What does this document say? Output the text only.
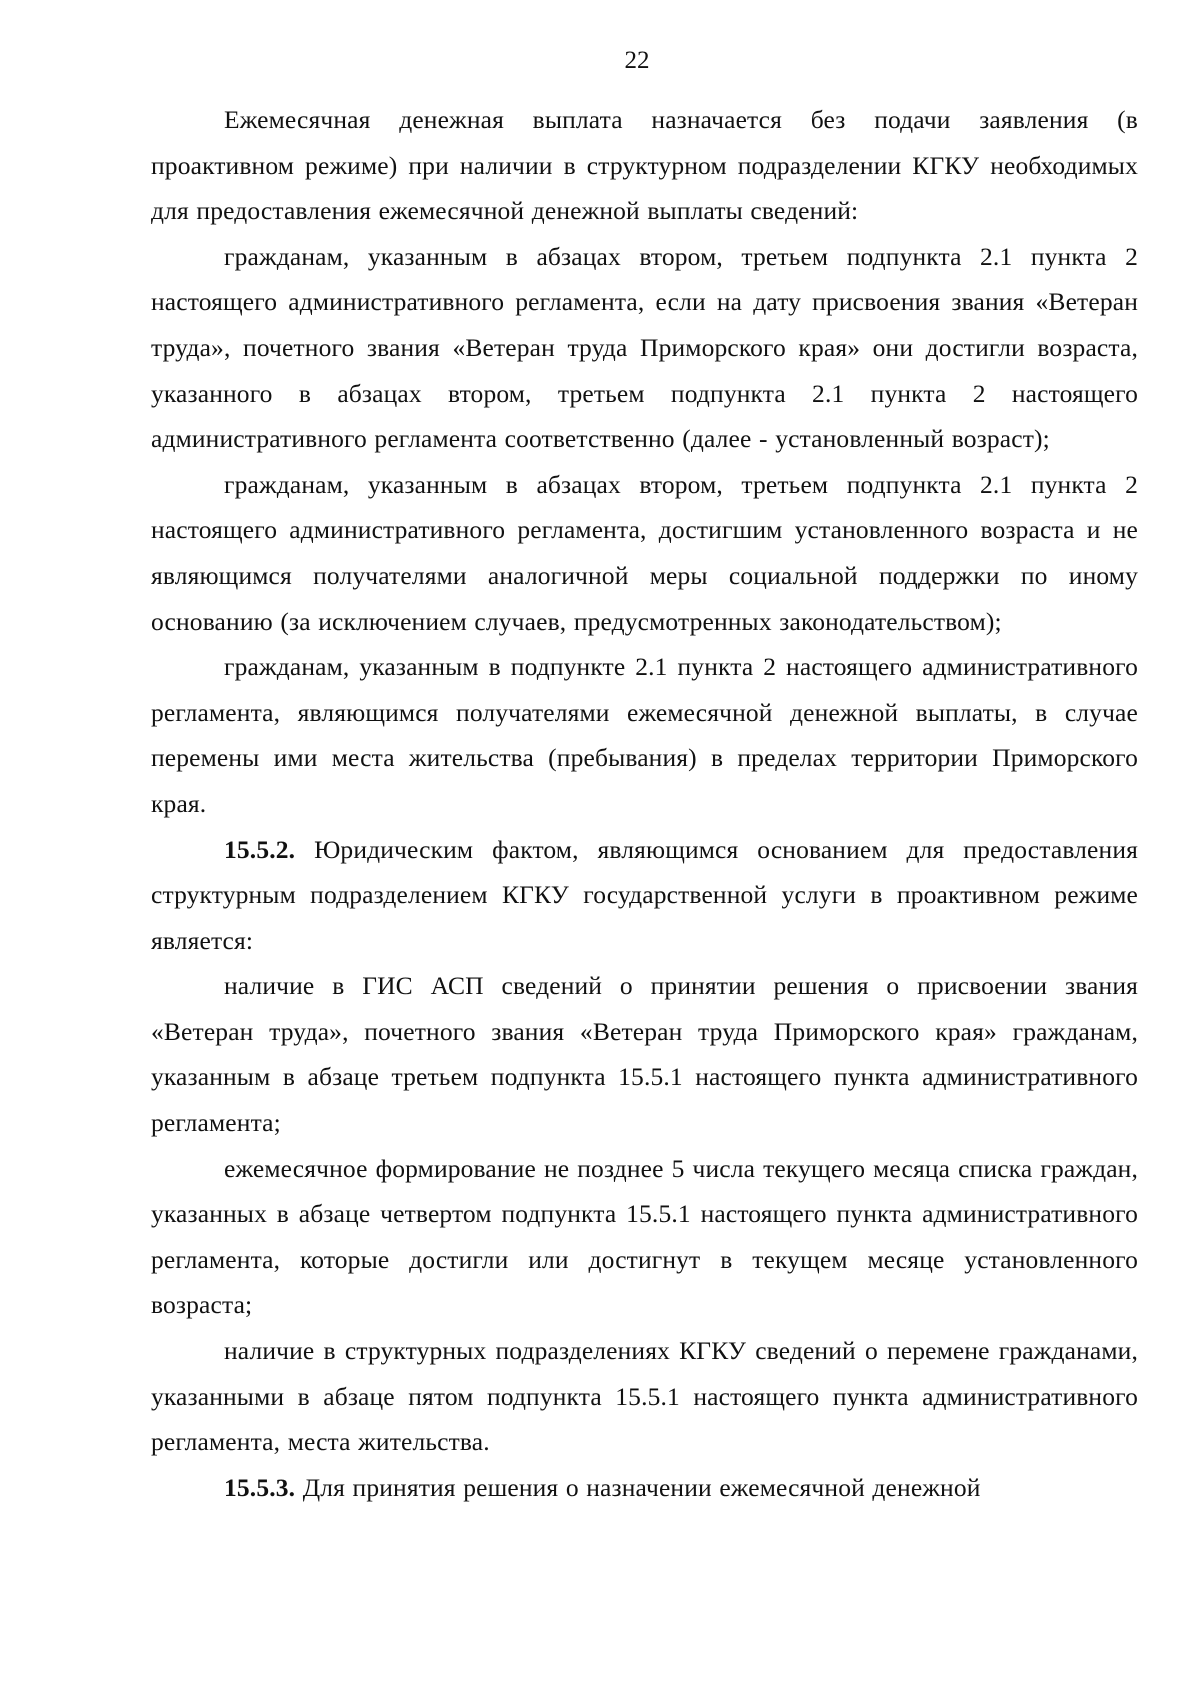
22

Ежемесячная денежная выплата назначается без подачи заявления (в проактивном режиме) при наличии в структурном подразделении КГКУ необходимых для предоставления ежемесячной денежной выплаты сведений:

гражданам, указанным в абзацах втором, третьем подпункта 2.1 пункта 2 настоящего административного регламента, если на дату присвоения звания «Ветеран труда», почетного звания «Ветеран труда Приморского края» они достигли возраста, указанного в абзацах втором, третьем подпункта 2.1 пункта 2 настоящего административного регламента соответственно (далее - установленный возраст);

гражданам, указанным в абзацах втором, третьем подпункта 2.1 пункта 2 настоящего административного регламента, достигшим установленного возраста и не являющимся получателями аналогичной меры социальной поддержки по иному основанию (за исключением случаев, предусмотренных законодательством);

гражданам, указанным в подпункте 2.1 пункта 2 настоящего административного регламента, являющимся получателями ежемесячной денежной выплаты, в случае перемены ими места жительства (пребывания) в пределах территории Приморского края.

15.5.2. Юридическим фактом, являющимся основанием для предоставления структурным подразделением КГКУ государственной услуги в проактивном режиме является:

наличие в ГИС АСП сведений о принятии решения о присвоении звания «Ветеран труда», почетного звания «Ветеран труда Приморского края» гражданам, указанным в абзаце третьем подпункта 15.5.1 настоящего пункта административного регламента;

ежемесячное формирование не позднее 5 числа текущего месяца списка граждан, указанных в абзаце четвертом подпункта 15.5.1 настоящего пункта административного регламента, которые достигли или достигнут в текущем месяце установленного возраста;

наличие в структурных подразделениях КГКУ сведений о перемене гражданами, указанными в абзаце пятом подпункта 15.5.1 настоящего пункта административного регламента, места жительства.

15.5.3. Для принятия решения о назначении ежемесячной денежной
